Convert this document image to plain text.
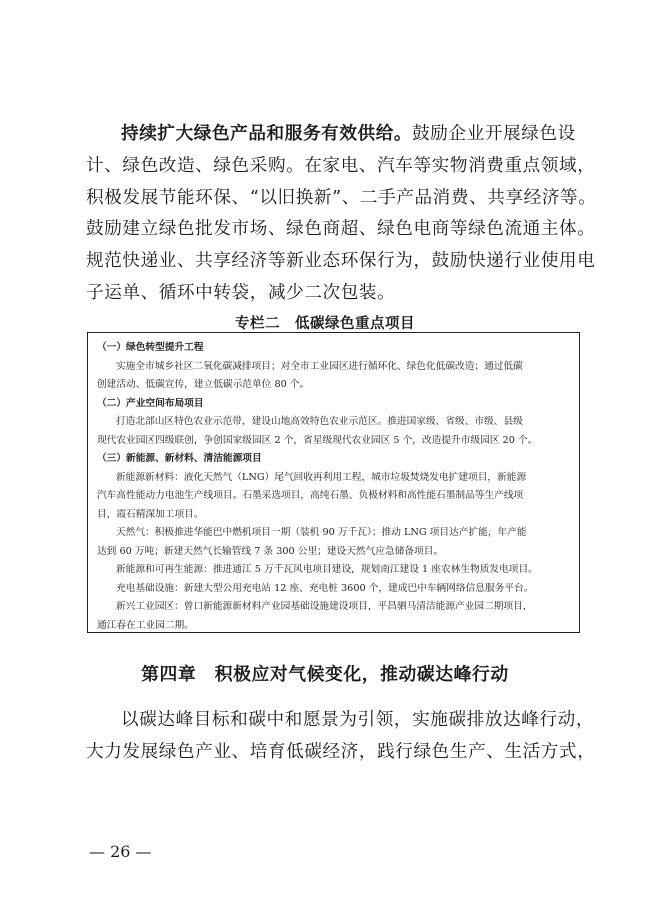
持续扩大绿色产品和服务有效供给。鼓励企业开展绿色设
计、绿色改造、绿色采购。在家电、汽车等实物消费重点领域，
积极发展节能环保、“以旧换新”、二手产品消费、共享经济等。
鼓励建立绿色批发市场、绿色商超、绿色电商等绿色流通主体。
规范快递业、共享经济等新业态环保行为，鼓励快递行业使用电
子运单、循环中转袋，减少二次包装。
专栏二　低碳绿色重点项目
（一）绿色转型提升工程
实施全市城乡社区二氧化碳减排项目；对全市工业园区进行循环化、绿色化低碳改造；通过低碳
创建活动、低碳宣传，建立低碳示范单位 80 个。
（二）产业空间布局项目
打造北部山区特色农业示范带，建设山地高效特色农业示范区。推进国家级、省级、市级、县级
现代农业园区四级联创，争创国家级园区 2 个，省星级现代农业园区 5 个，改造提升市级园区 20 个。
（三）新能源、新材料、清洁能源项目
新能源新材料：液化天然气（LNG）尾气回收再利用工程，城市垃圾焚烧发电扩建项目，新能源
汽车高性能动力电池生产线项目。石墨采选项目，高纯石墨、负极材料和高性能石墨制品等生产线项
目，霞石精深加工项目。
天然气：积极推进华能巴中燃机项目一期（装机 90 万千瓦）；推动 LNG 项目达产扩能，年产能
达到 60 万吨；新建天然气长输管线 7 条 300 公里；建设天然气应急储备项目。
新能源和可再生能源：推进通江 5 万千瓦风电项目建设，规划南江建设 1 座农林生物质发电项目。
充电基础设施：新建大型公用充电站 12 座、充电桩 3600 个，建成巴中车辆网络信息服务平台。
新兴工业园区：曾口新能源新材料产业园基础设施建设项目，平昌驷马清洁能源产业园二期项目，
通江春在工业园二期。
第四章　积极应对气候变化，推动碳达峰行动
以碳达峰目标和碳中和愿景为引领，实施碳排放达峰行动，
大力发展绿色产业、培育低碳经济，践行绿色生产、生活方式，
— 26 —
